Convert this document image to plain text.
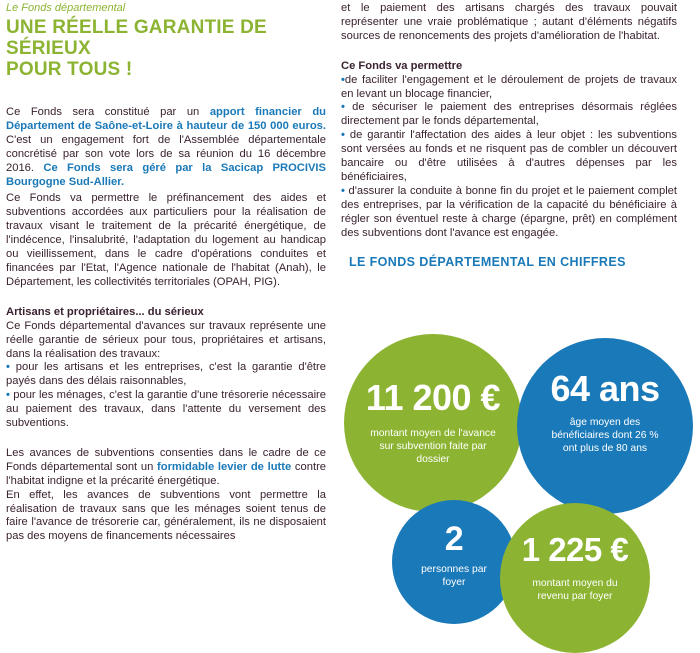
Le Fonds départemental
UNE RÉELLE GARANTIE DE SÉRIEUX
POUR TOUS !

Ce Fonds sera constitué par un apport financier du Département de Saône-et-Loire à hauteur de 150 000 euros. C'est un engagement fort de l'Assemblée départementale concrétisé par son vote lors de sa réunion du 16 décembre 2016. Ce Fonds sera géré par la Sacicap PROCIVIS Bourgogne Sud-Allier.

Ce Fonds va permettre le préfinancement des aides et subventions accordées aux particuliers pour la réalisation de travaux visant le traitement de la précarité énergétique, de l'indécence, l'insalubrité, l'adaptation du logement au handicap ou vieillissement, dans le cadre d'opérations conduites et financées par l'Etat, l'Agence nationale de l'habitat (Anah), le Département, les collectivités territoriales (OPAH, PIG).

Artisans et propriétaires... du sérieux

Ce Fonds départemental d'avances sur travaux représente une réelle garantie de sérieux pour tous, propriétaires et artisans, dans la réalisation des travaux:

• pour les artisans et les entreprises, c'est la garantie d'être payés dans des délais raisonnables,

• pour les ménages, c'est la garantie d'une trésorerie nécessaire au paiement des travaux, dans l'attente du versement des subventions.

Les avances de subventions consenties dans le cadre de ce Fonds départemental sont un formidable levier de lutte contre l'habitat indigne et la précarité énergétique.

En effet, les avances de subventions vont permettre la réalisation de travaux sans que les ménages soient tenus de faire l'avance de trésorerie car, généralement, ils ne disposaient pas des moyens de financements nécessaires

et le paiement des artisans chargés des travaux pouvait représenter une vraie problématique ; autant d'éléments négatifs sources de renoncements des projets d'amélioration de l'habitat.

Ce Fonds va permettre

•de faciliter l'engagement et le déroulement de projets de travaux en levant un blocage financier,

• de sécuriser le paiement des entreprises désormais réglées directement par le fonds départemental,

• de garantir l'affectation des aides à leur objet : les subventions sont versées au fonds et ne risquent pas de combler un découvert bancaire ou d'être utilisées à d'autres dépenses par les bénéficiaires,

• d'assurer la conduite à bonne fin du projet et le paiement complet des entreprises, par la vérification de la capacité du bénéficiaire à régler son éventuel reste à charge (épargne, prêt) en complément des subventions dont l'avance est engagée.

LE FONDS DÉPARTEMENTAL EN CHIFFRES

11 200 €
montant moyen de l'avance sur subvention faite par dossier
64 ans
âge moyen des bénéficiaires dont 26 % ont plus de 80 ans
2
personnes par foyer
1 225 €
montant moyen du revenu par foyer
